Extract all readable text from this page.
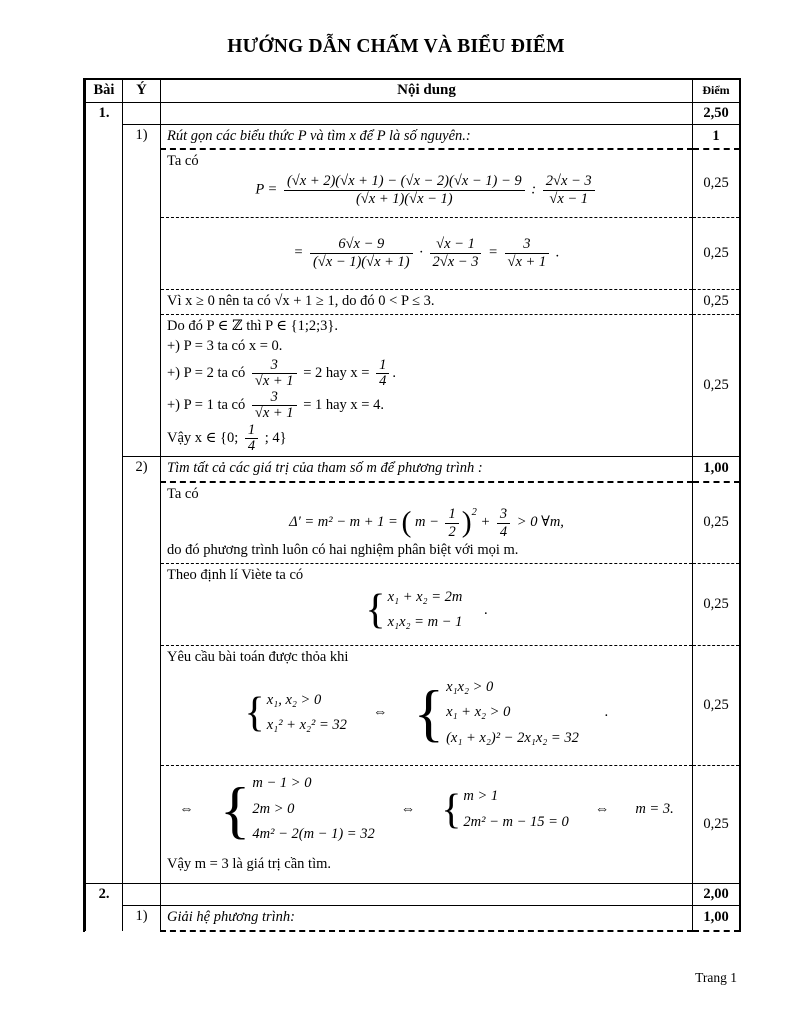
HƯỚNG DẪN CHẤM VÀ BIỂU ĐIỂM
Bài	Ý	Nội dung	Điểm
1.			2,50
	1)	Rút gọn các biểu thức P và tìm x để P là số nguyên.:	1

Ta có
$P = \frac{(√x + 2)(√x + 1) - (√x - 2)(√x - 1) - 9}{(√x + 1)(√x - 1)}$ : $\frac{2√x - 3}{√x - 1}$	0,25

= $\frac{6√x - 9}{(√x - 1)(√x + 1)} \cdot \frac{√x - 1}{2√x - 3} = \frac{3}{√x + 1}$ .	0,25
		Vì x ≥ 0 nên ta có √x + 1 ≥ 1, do đó 0 < P ≤ 3.	0,25

Do đó P ∈ ℤ thì P ∈ {1;2;3}.
+) P = 3 ta có x = 0.
+) P = 2 ta có $\frac{3}{√x + 1} = 2$ hay $x = \frac{1}{4}$ .
+) P = 1 ta có $\frac{3}{√x + 1} = 1$ hay x = 4.
Vậy x ∈ {0; $\frac{1}{4}$ ; 4}
	0,25
	2)	Tìm tất cả các giá trị của tham số m để phương trình :	1,00

Ta có
Δ′ = m² − m + 1 = ( $m - \frac{1}{2} )^2 + \frac{3}{4} > 0$ ∀m,
do đó phương trình luôn có hai nghiệm phân biệt với mọi m.
	0,25

		Theo định lí Viète ta có
{ x₁ + x₂ = 2m
x₁x₂ = m − 1
.	0,25

Yêu cầu bài toán được thỏa khi
{ x₁, x₂ > 0
x₁² + x₂² = 32
⇔ { x₁x₂ > 0
x₁ + x₂ > 0
(x₁ + x₂)² − 2x₁x₂ = 32
.	0,25

⇔ { m − 1 > 0
2m > 0
4m² − 2(m − 1) = 32
⇔ { m > 1
2m² − m − 15 = 0
⇔ m = 3.
Vậy m = 3 là giá trị cần tìm.
	0,25
2.			2,00
	1)	Giải hệ phương trình:	1,00
Trang 1
